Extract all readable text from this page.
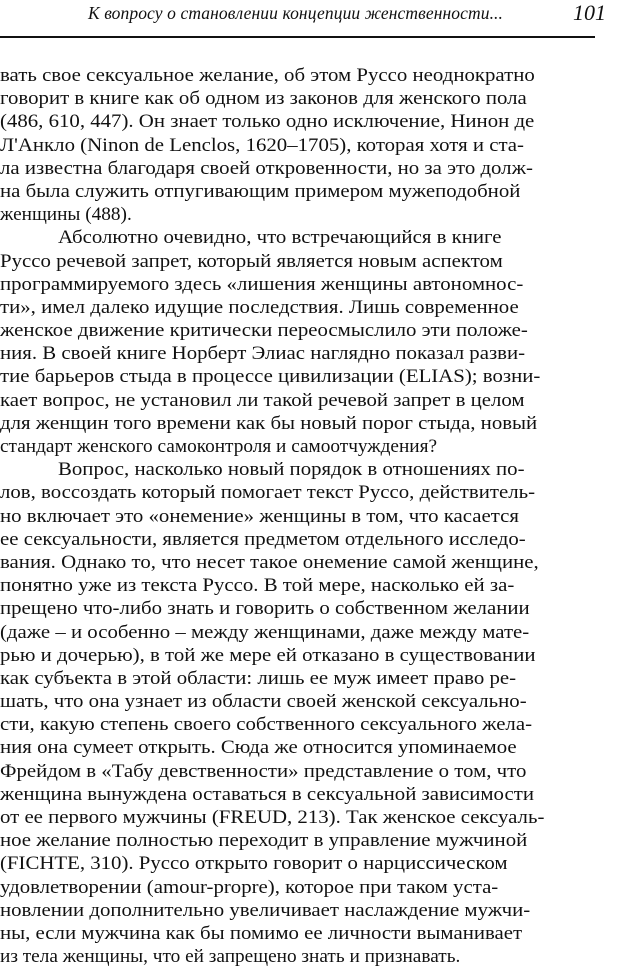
К вопросу о становлении концепции женственности...	101
вать свое сексуальное желание, об этом Руссо неоднократно
говорит в книге как об одном из законов для женского пола
(486, 610, 447). Он знает только одно исключение, Нинон де
Л'Анкло (Ninon de Lenclos, 1620–1705), которая хотя и ста-
ла известна благодаря своей откровенности, но за это долж-
на была служить отпугивающим примером мужеподобной
женщины (488).
Абсолютно очевидно, что встречающийся в книге
Руссо речевой запрет, который является новым аспектом
программируемого здесь «лишения женщины автономнос-
ти», имел далеко идущие последствия. Лишь современное
женское движение критически переосмыслило эти положе-
ния. В своей книге Норберт Элиас наглядно показал разви-
тие барьеров стыда в процессе цивилизации (ELIAS); возни-
кает вопрос, не установил ли такой речевой запрет в целом
для женщин того времени как бы новый порог стыда, новый
стандарт женского самоконтроля и самоотчуждения?
Вопрос, насколько новый порядок в отношениях по-
лов, воссоздать который помогает текст Руссо, действитель-
но включает это «онемение» женщины в том, что касается
ее сексуальности, является предметом отдельного исследо-
вания. Однако то, что несет такое онемение самой женщине,
понятно уже из текста Руссо. В той мере, насколько ей за-
прещено что-либо знать и говорить о собственном желании
(даже – и особенно – между женщинами, даже между мате-
рью и дочерью), в той же мере ей отказано в существовании
как субъекта в этой области: лишь ее муж имеет право ре-
шать, что она узнает из области своей женской сексуально-
сти, какую степень своего собственного сексуального жела-
ния она сумеет открыть. Сюда же относится упоминаемое
Фрейдом в «Табу девственности» представление о том, что
женщина вынуждена оставаться в сексуальной зависимости
от ее первого мужчины (FREUD, 213). Так женское сексуаль-
ное желание полностью переходит в управление мужчиной
(FICHTE, 310). Руссо открыто говорит о нарциссическом
удовлетворении (amour-propre), которое при таком уста-
новлении дополнительно увеличивает наслаждение мужчи-
ны, если мужчина как бы помимо ее личности выманивает
из тела женщины, что ей запрещено знать и признавать.
